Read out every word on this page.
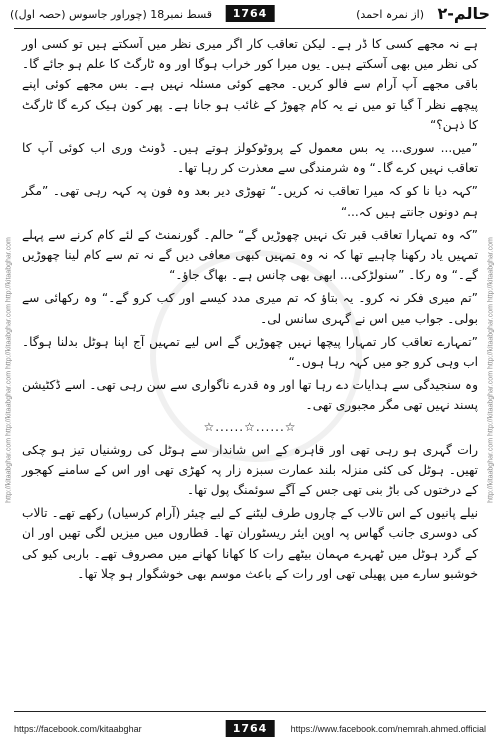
حالم-۲
(از نمرہ احمد)
1764
قسط نمبر18 (چوراور جاسوس (حصہ اول))
http://kitaabghar.com http://kitaabghar.com http://kitaabghar.com http://kitaabghar.com	http://kitaabghar.com http://kitaabghar.com http://kitaabghar.com http://kitaabghar.com

ہے نہ مجھے کسی کا ڈر ہے۔ لیکن تعاقب کار اگر میری نظر میں آسکتے ہیں تو کسی اور کی نظر میں بھی آسکتے ہیں۔ یوں میرا کور خراب ہوگا اور وہ ٹارگٹ کا علم ہو جائے گا۔ باقی مجھے آپ آرام سے فالو کریں۔ مجھے کوئی مسئلہ نہیں ہے۔ بس مجھے کوئی اپنے پیچھے نظر آ گیا تو میں نے یہ کام چھوڑ کے غائب ہو جانا ہے۔ پھر کون ہیک کرے گا ٹارگٹ کا ذہن؟“

”میں... سوری... یہ بس معمول کے پروٹوکولز ہوتے ہیں۔ ڈونٹ وری اب کوئی آپ کا تعاقب نہیں کرے گا۔“ وہ شرمندگی سے معذرت کر رہا تھا۔

”کہہ دیا نا کو کہ میرا تعاقب نہ کریں۔“ تھوڑی دیر بعد وہ فون پہ کہہ رہی تھی۔ ”مگر ہم دونوں جانتے ہیں کہ...“

”کہ وہ تمہارا تعاقب قبر تک نہیں چھوڑیں گے“ حالم۔ گورنمنٹ کے لئے کام کرنے سے پہلے تمہیں یاد رکھنا چاہیے تھا کہ نہ وہ تمہیں کبھی معافی دیں گے نہ تم سے کام لینا چھوڑیں گے۔“ وہ رکا۔ ”سنولڑکی... ابھی بھی چانس ہے۔ بھاگ جاؤ۔“

”تم میری فکر نہ کرو۔ یہ بتاؤ کہ تم میری مدد کیسے اور کب کرو گے۔“ وہ رکھائی سے بولی۔ جواب میں اس نے گہری سانس لی۔

”تمہارے تعاقب کار تمہارا پیچھا نہیں چھوڑیں گے اس لیے تمہیں آج اپنا ہوٹل بدلنا ہوگا۔ اب وہی کرو جو میں کہہ رہا ہوں۔“

وہ سنجیدگی سے ہدایات دے رہا تھا اور وہ قدرے ناگواری سے سن رہی تھی۔ اسے ڈکٹیشن پسند نہیں تھی مگر مجبوری تھی۔

☆......☆......☆

رات گہری ہو رہی تھی اور قاہرہ کے اس شاندار سے ہوٹل کی روشنیاں تیز ہو چکی تھیں۔ ہوٹل کی کئی منزلہ بلند عمارت سبزہ زار پہ کھڑی تھی اور اس کے سامنے کھجور کے درختوں کی باڑ بنی تھی جس کے آگے سوئمنگ پول تھا۔

نیلے پانیوں کے اس تالاب کے چاروں طرف لیٹنے کے لیے چیئر (آرام کرسیاں) رکھے تھے۔ تالاب کی دوسری جانب گھاس پہ اوپن ایئر ریسٹوران تھا۔ قطاروں میں میزیں لگی تھیں اور ان کے گرد ہوٹل میں ٹھہرے مہمان بیٹھے رات کا کھانا کھانے میں مصروف تھے۔ باربی کیو کی خوشبو سارے میں پھیلی تھی اور رات کے باعث موسم بھی خوشگوار ہو چلا تھا۔

https://facebook.com/kitaabghar	1764	https://www.facebook.com/nemrah.ahmed.official
